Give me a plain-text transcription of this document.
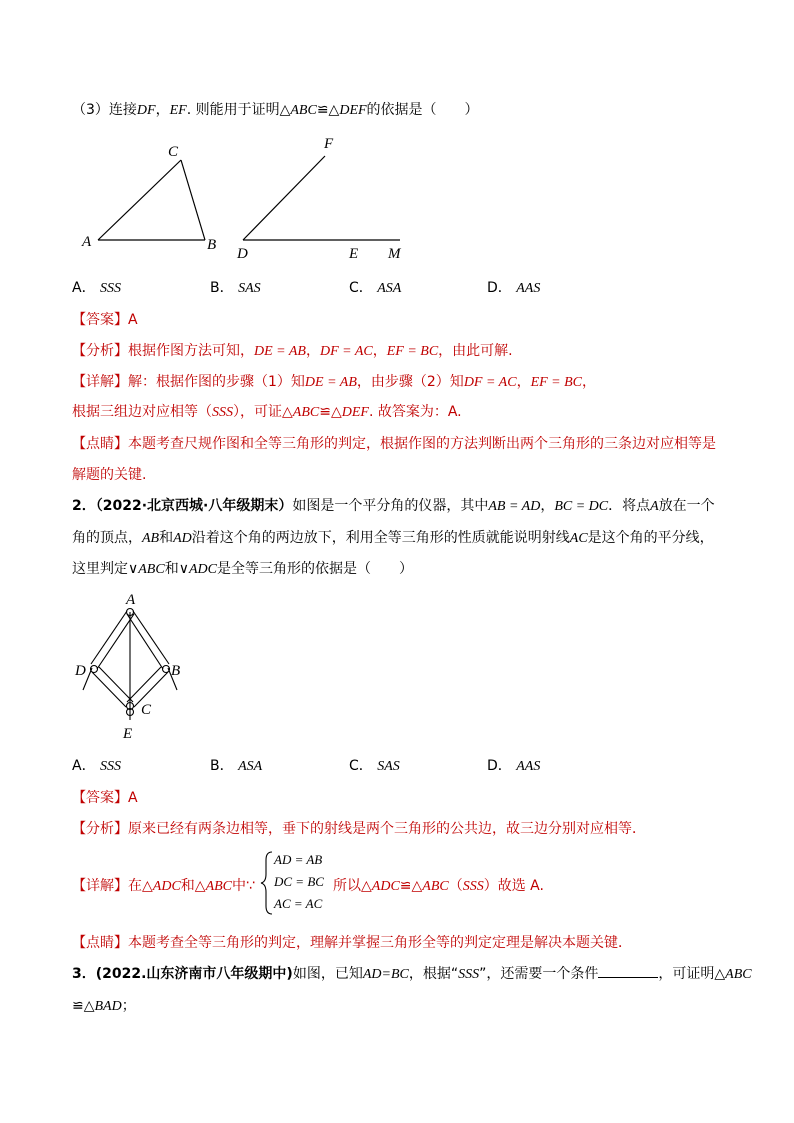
（3）连接DF，EF. 则能用于证明△ABC≌△DEF的依据是（　　）
C
A	B
F
D	E M
A． SSS	B． SAS	C． ASA	D． AAS
【答案】A
【分析】根据作图方法可知，DE = AB，DF = AC，EF = BC，由此可解.
【详解】解：根据作图的步骤（1）知DE = AB，由步骤（2）知DF = AC，EF = BC，
根据三组边对应相等（SSS），可证△ABC≌△DEF. 故答案为：A.
【点睛】本题考查尺规作图和全等三角形的判定，根据作图的方法判断出两个三角形的三条边对应相等是
解题的关键.
2．（2022·北京西城·八年级期末）如图是一个平分角的仪器，其中AB = AD，BC = DC．将点A放在一个
角的顶点，AB和AD沿着这个角的两边放下，利用全等三角形的性质就能说明射线AC是这个角的平分线，
这里判定∨ABC和∨ADC是全等三角形的依据是（　　）
A
D	B
C
E
A． SSS	B． ASA	C． SAS	D． AAS
【答案】A
【分析】原来已经有两条边相等，垂下的射线是两个三角形的公共边，故三边分别对应相等．
【详解】在△ADC和△ABC中∵
AD = AB
DC = BC
AC = AC
所以△ADC≌△ABC（SSS）故选 A.
【点睛】本题考查全等三角形的判定，理解并掌握三角形全等的判定定理是解决本题关键．
3．(2022.山东济南市八年级期中)如图，已知AD=BC，根据“SSS”，还需要一个条件	，可证明△ABC
≌△BAD；
